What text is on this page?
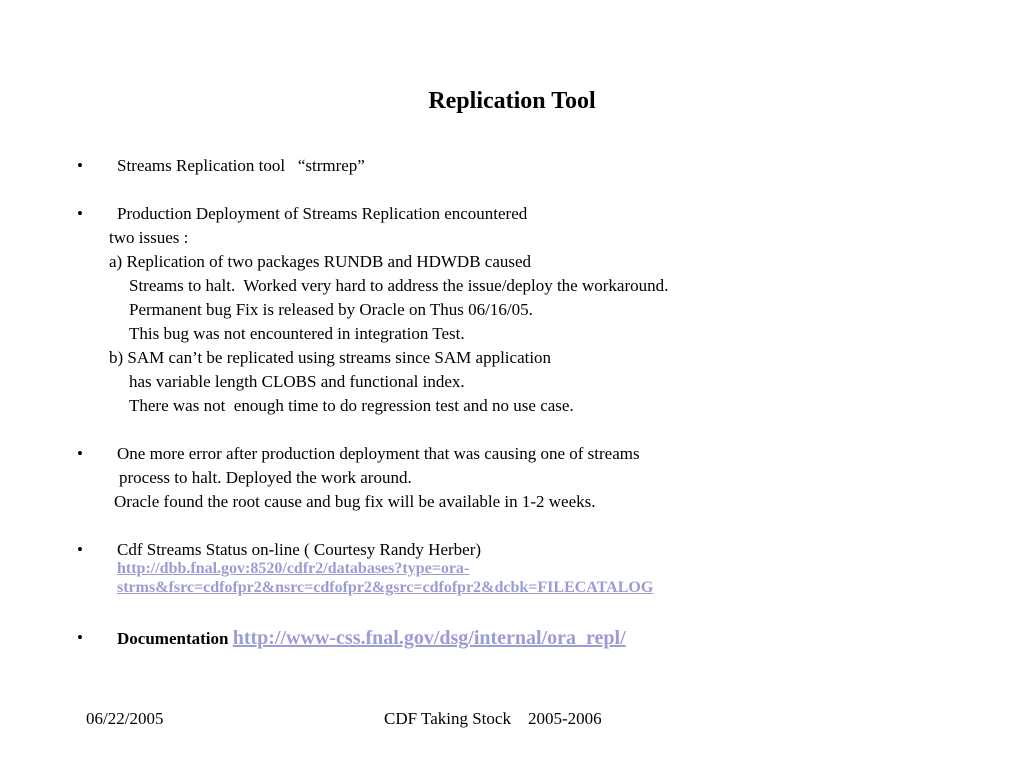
Replication Tool
• Streams Replication tool   “strmrep”
• Production Deployment of Streams Replication encountered
two issues :
a) Replication of two packages RUNDB and HDWDB caused
Streams to halt.  Worked very hard to address the issue/deploy the workaround.
Permanent bug Fix is released by Oracle on Thus 06/16/05.
This bug was not encountered in integration Test.
b) SAM can’t be replicated using streams since SAM application
has variable length CLOBS and functional index.
There was not  enough time to do regression test and no use case.
• One more error after production deployment that was causing one of streams
process to halt. Deployed the work around.
Oracle found the root cause and bug fix will be available in 1-2 weeks.
• Cdf Streams Status on-line ( Courtesy Randy Herber)
http://dbb.fnal.gov:8520/cdfr2/databases?type=ora-
strms&fsrc=cdfofpr2&nsrc=cdfofpr2&gsrc=cdfofpr2&dcbk=FILECATALOG
• Documentation http://www-css.fnal.gov/dsg/internal/ora_repl/
06/22/2005	CDF Taking Stock    2005-2006
